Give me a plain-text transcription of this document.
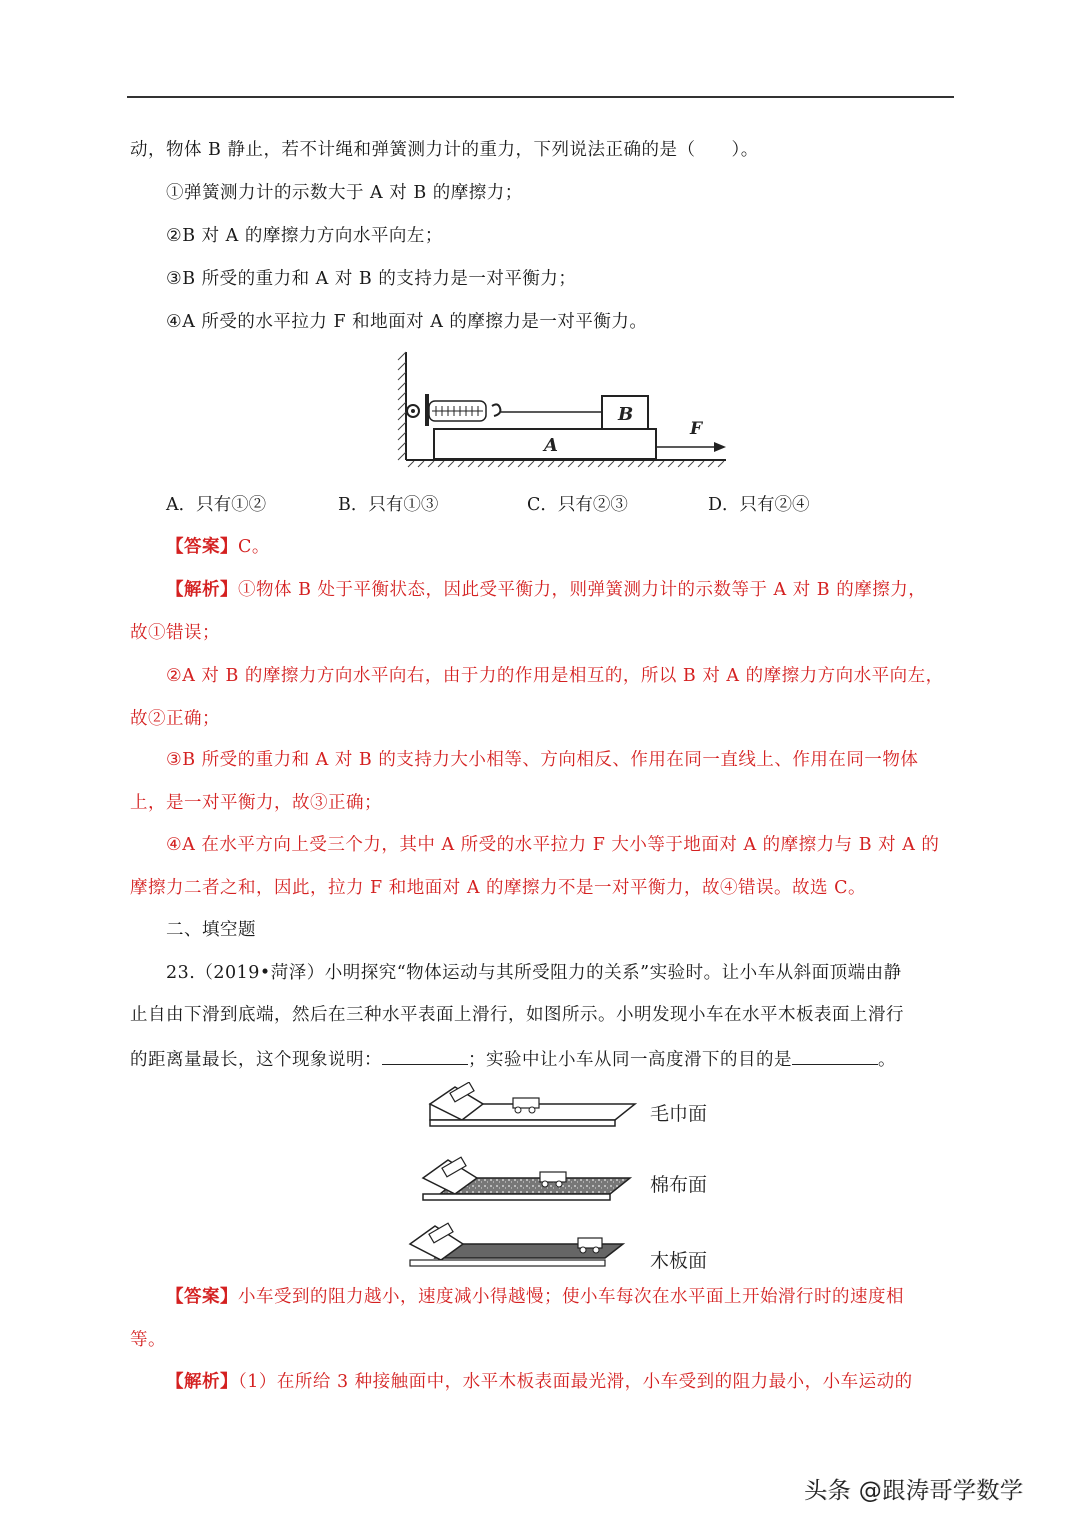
动，物体 B 静止，若不计绳和弹簧测力计的重力，下列说法正确的是（　　）。
①弹簧测力计的示数大于 A 对 B 的摩擦力；
②B 对 A 的摩擦力方向水平向左；
③B 所受的重力和 A 对 B 的支持力是一对平衡力；
④A 所受的水平拉力 F 和地面对 A 的摩擦力是一对平衡力。
A
B
F
A．只有①②	B．只有①③	C．只有②③	D．只有②④
【答案】C。
【解析】①物体 B 处于平衡状态，因此受平衡力，则弹簧测力计的示数等于 A 对 B 的摩擦力，
故①错误；
②A 对 B 的摩擦力方向水平向右，由于力的作用是相互的，所以 B 对 A 的摩擦力方向水平向左，
故②正确；
③B 所受的重力和 A 对 B 的支持力大小相等、方向相反、作用在同一直线上、作用在同一物体
上，是一对平衡力，故③正确；
④A 在水平方向上受三个力，其中 A 所受的水平拉力 F 大小等于地面对 A 的摩擦力与 B 对 A 的
摩擦力二者之和，因此，拉力 F 和地面对 A 的摩擦力不是一对平衡力，故④错误。故选 C。
二、填空题
23.（2019•菏泽）小明探究“物体运动与其所受阻力的关系”实验时。让小车从斜面顶端由静
止自由下滑到底端，然后在三种水平表面上滑行，如图所示。小明发现小车在水平木板表面上滑行
的距离量最长，这个现象说明：	；实验中让小车从同一高度滑下的目的是	。
毛巾面
棉布面
木板面
【答案】小车受到的阻力越小，速度减小得越慢；使小车每次在水平面上开始滑行时的速度相
等。
【解析】（1）在所给 3 种接触面中，水平木板表面最光滑，小车受到的阻力最小，小车运动的
头条 @跟涛哥学数学
